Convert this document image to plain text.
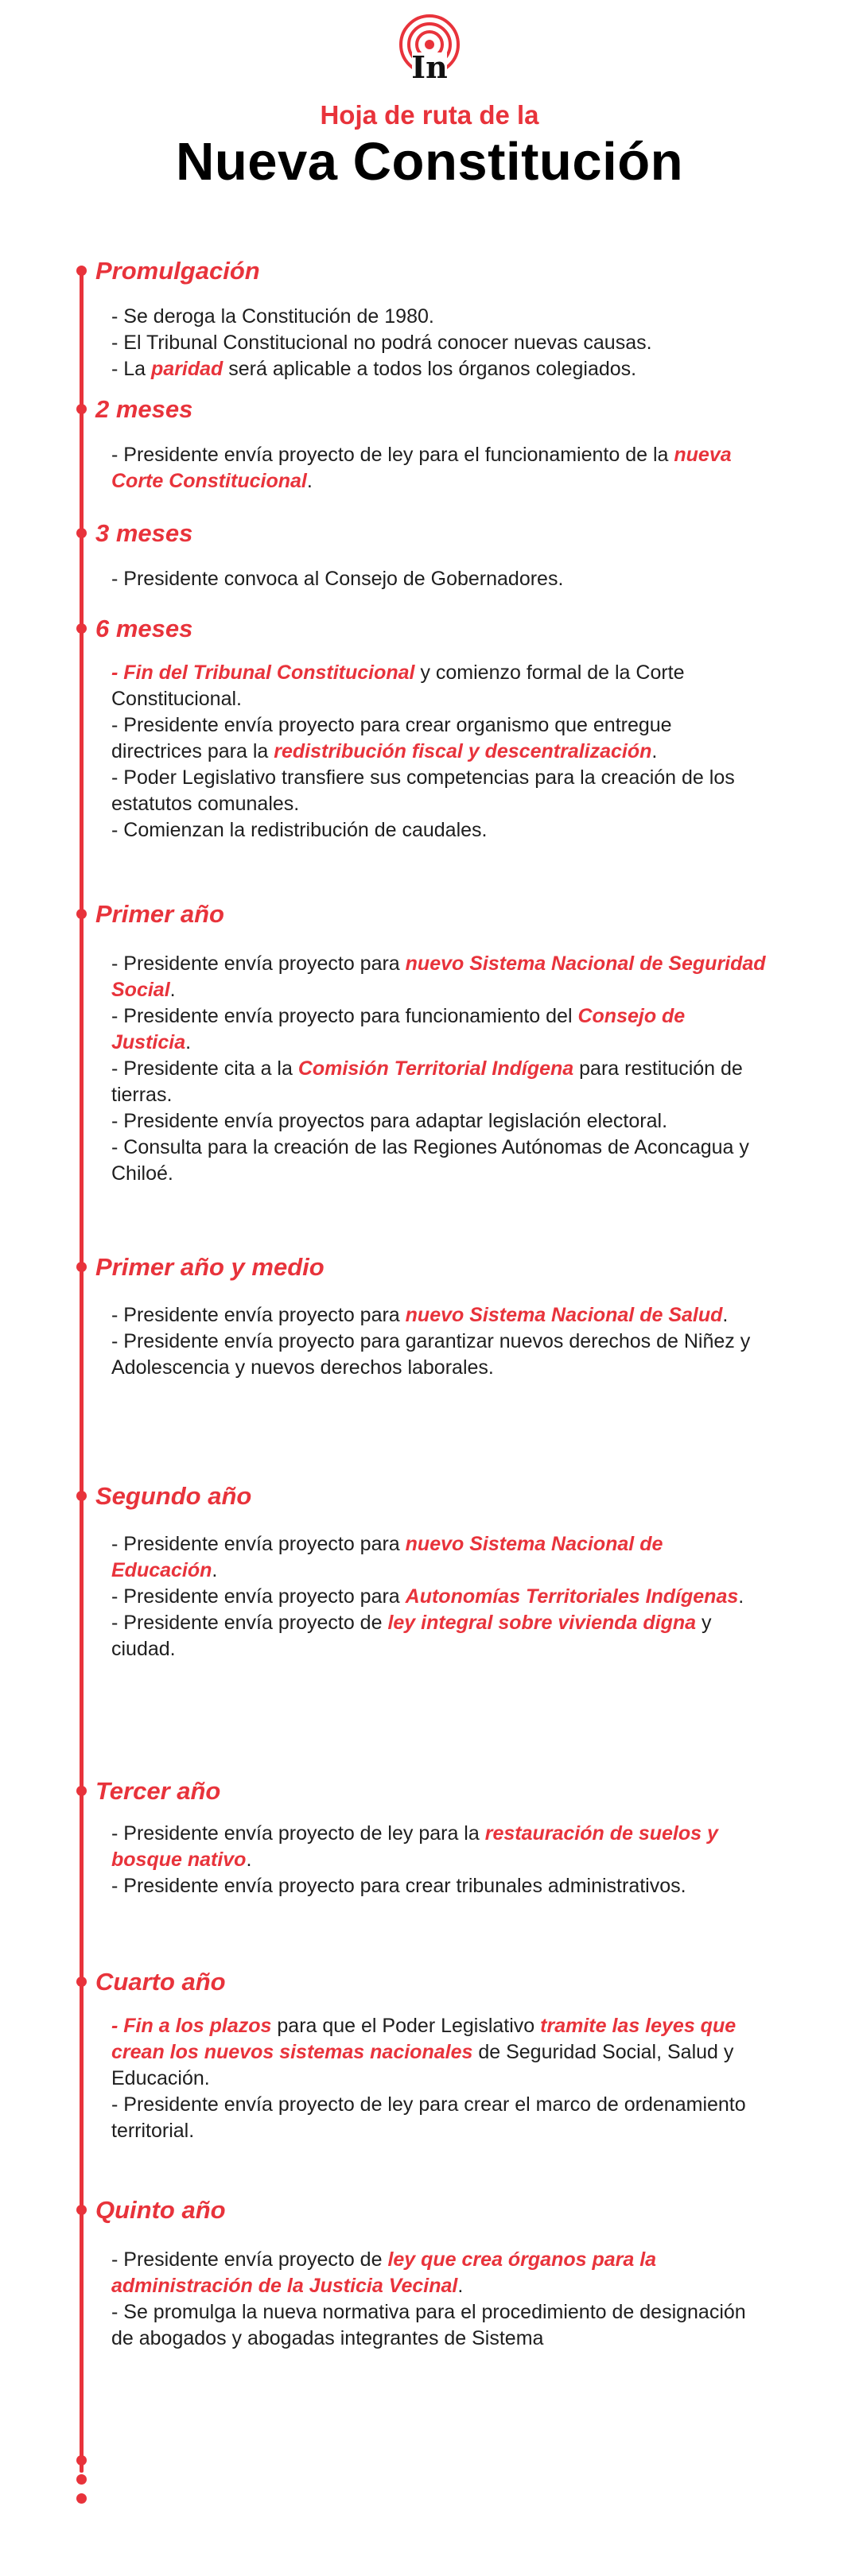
In
Hoja de ruta de la
Nueva Constitución
Promulgación
- Se deroga la Constitución de 1980.
- El Tribunal Constitucional no podrá conocer nuevas causas.
- La paridad será aplicable a todos los órganos colegiados.
2 meses
- Presidente envía proyecto de ley para el funcionamiento de la nueva Corte Constitucional.
3 meses
- Presidente convoca al Consejo de Gobernadores.
6 meses
- Fin del Tribunal Constitucional y comienzo formal de la Corte Constitucional.
- Presidente envía proyecto para crear organismo que entregue directrices para la redistribución fiscal y descentralización.
- Poder Legislativo transfiere sus competencias para la creación de los estatutos comunales.
- Comienzan la redistribución de caudales.
Primer año
- Presidente envía proyecto para nuevo Sistema Nacional de Seguridad Social.
- Presidente envía proyecto para funcionamiento del Consejo de Justicia.
- Presidente cita a la Comisión Territorial Indígena para restitución de tierras.
- Presidente envía proyectos para adaptar legislación electoral.
- Consulta para la creación de las Regiones Autónomas de Aconcagua y Chiloé.
Primer año y medio
- Presidente envía proyecto para nuevo Sistema Nacional de Salud.
- Presidente envía proyecto para garantizar nuevos derechos de Niñez y Adolescencia y nuevos derechos laborales.
Segundo año
- Presidente envía proyecto para nuevo Sistema Nacional de Educación.
- Presidente envía proyecto para Autonomías Territoriales Indígenas.
- Presidente envía proyecto de ley integral sobre vivienda digna y ciudad.
Tercer año
- Presidente envía proyecto de ley para la restauración de suelos y bosque nativo.
- Presidente envía proyecto para crear tribunales administrativos.
Cuarto año
- Fin a los plazos para que el Poder Legislativo tramite las leyes que crean los nuevos sistemas nacionales de Seguridad Social, Salud y Educación.
- Presidente envía proyecto de ley para crear el marco de ordenamiento territorial.
Quinto año
- Presidente envía proyecto de ley que crea órganos para la administración de la Justicia Vecinal.
- Se promulga la nueva normativa para el procedimiento de designación de abogados y abogadas integrantes de Sistema
